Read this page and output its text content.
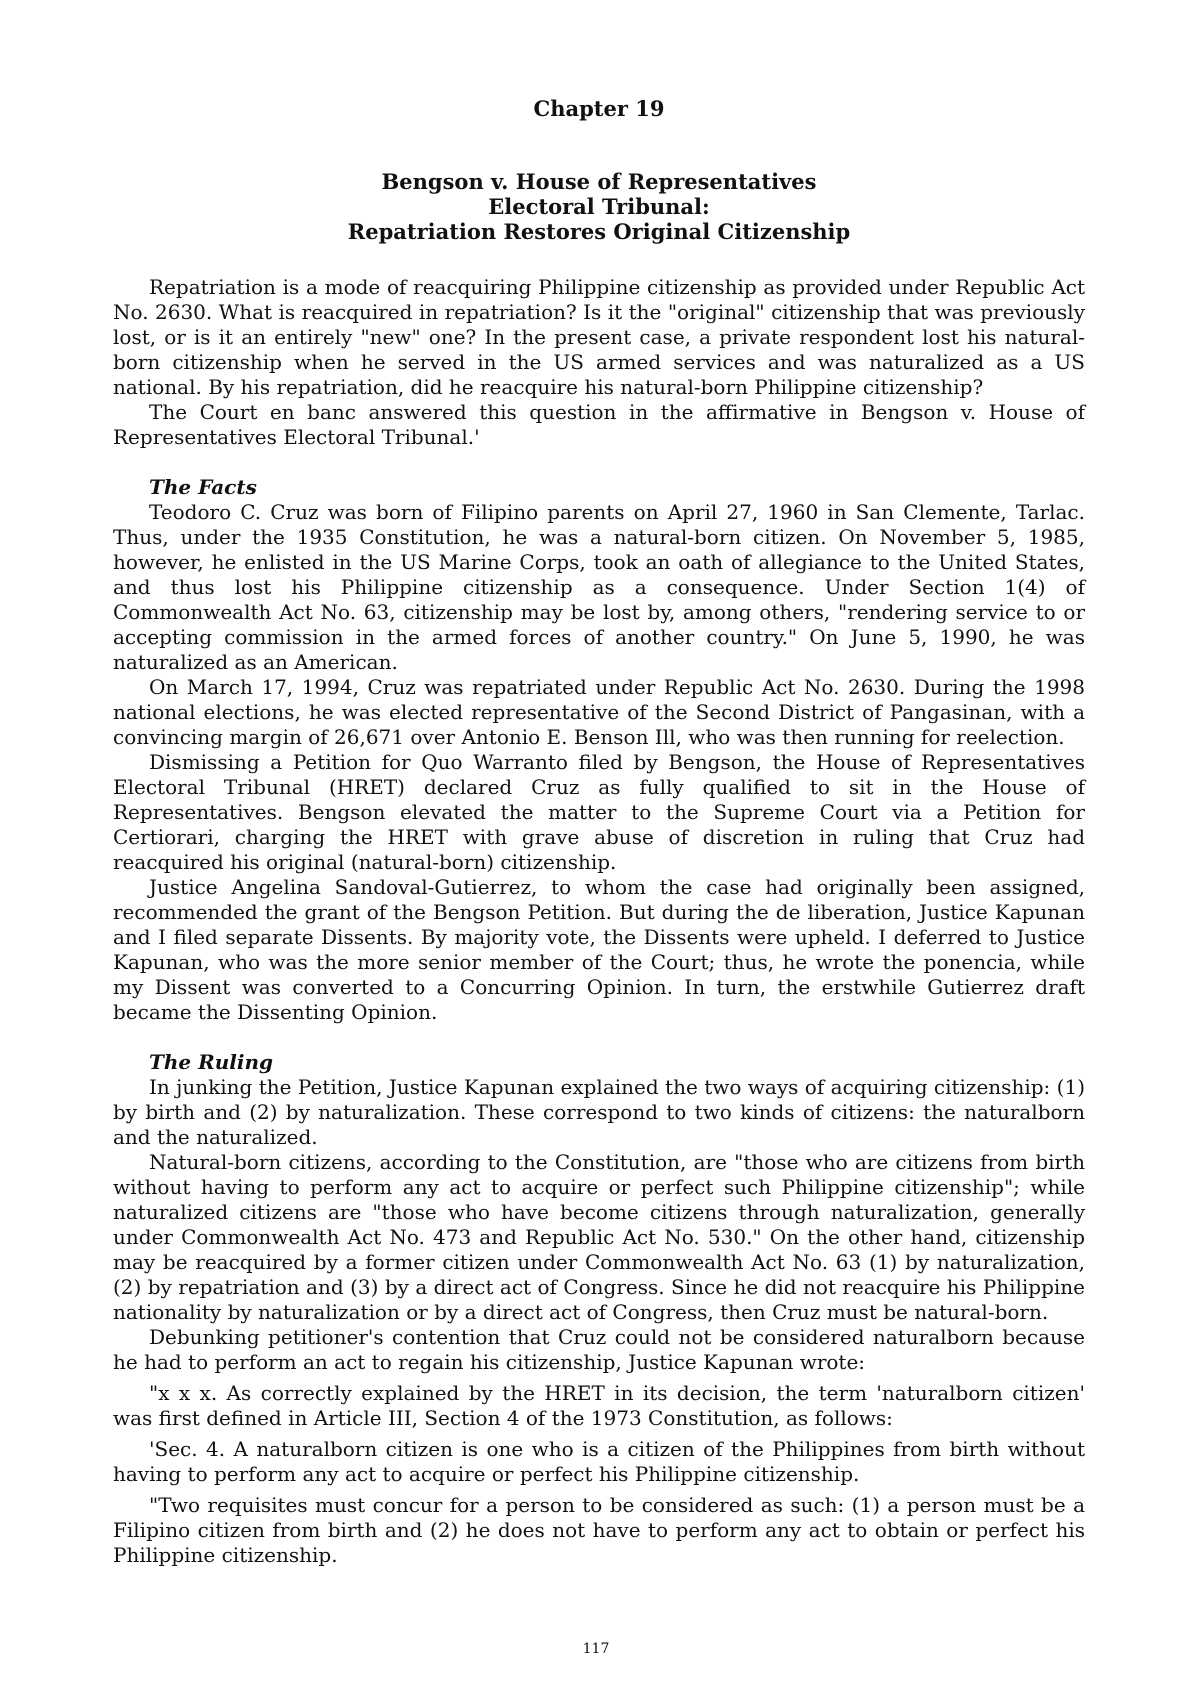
Chapter 19
Bengson v. House of Representatives
Electoral Tribunal:
Repatriation Restores Original Citizenship

Repatriation is a mode of reacquiring Philippine citizenship as provided under Republic Act No. 2630. What is reacquired in repatriation? Is it the "original" citizenship that was previously lost, or is it an entirely "new" one? In the present case, a private respondent lost his natural-born citizenship when he served in the US armed services and was naturalized as a US national. By his repatriation, did he reacquire his natural-born Philippine citizenship?

The Court en banc answered this question in the affirmative in Bengson v. House of Representatives Electoral Tribunal.'

The Facts

Teodoro C. Cruz was born of Filipino parents on April 27, 1960 in San Clemente, Tarlac. Thus, under the 1935 Constitution, he was a natural-born citizen. On November 5, 1985, however, he enlisted in the US Marine Corps, took an oath of allegiance to the United States, and thus lost his Philippine citizenship as a consequence. Under Section 1(4) of Commonwealth Act No. 63, citizenship may be lost by, among others, "rendering service to or accepting commission in the armed forces of another country." On June 5, 1990, he was naturalized as an American.

On March 17, 1994, Cruz was repatriated under Republic Act No. 2630. During the 1998 national elections, he was elected representative of the Second District of Pangasinan, with a convincing margin of 26,671 over Antonio E. Benson Ill, who was then running for reelection.

Dismissing a Petition for Quo Warranto filed by Bengson, the House of Representatives Electoral Tribunal (HRET) declared Cruz as fully qualified to sit in the House of Representatives. Bengson elevated the matter to the Supreme Court via a Petition for Certiorari, charging the HRET with grave abuse of discretion in ruling that Cruz had reacquired his original (natural-born) citizenship.

Justice Angelina Sandoval-Gutierrez, to whom the case had originally been assigned, recommended the grant of the Bengson Petition. But during the de liberation, Justice Kapunan and I filed separate Dissents. By majority vote, the Dissents were upheld. I deferred to Justice Kapunan, who was the more senior member of the Court; thus, he wrote the ponencia, while my Dissent was converted to a Concurring Opinion. In turn, the erstwhile Gutierrez draft became the Dissenting Opinion.

The Ruling

In junking the Petition, Justice Kapunan explained the two ways of acquiring citizenship: (1) by birth and (2) by naturalization. These correspond to two kinds of citizens: the naturalborn and the naturalized.

Natural-born citizens, according to the Constitution, are "those who are citizens from birth without having to perform any act to acquire or perfect such Philippine citizenship"; while naturalized citizens are "those who have become citizens through naturalization, generally under Commonwealth Act No. 473 and Republic Act No. 530." On the other hand, citizenship may be reacquired by a former citizen under Commonwealth Act No. 63 (1) by naturalization, (2) by repatriation and (3) by a direct act of Congress. Since he did not reacquire his Philippine nationality by naturalization or by a direct act of Congress, then Cruz must be natural-born.

Debunking petitioner's contention that Cruz could not be considered naturalborn because he had to perform an act to regain his citizenship, Justice Kapunan wrote:

"x x x. As correctly explained by the HRET in its decision, the term 'naturalborn citizen' was first defined in Article III, Section 4 of the 1973 Constitution, as follows:

'Sec. 4. A naturalborn citizen is one who is a citizen of the Philippines from birth without having to perform any act to acquire or perfect his Philippine citizenship.

"Two requisites must concur for a person to be considered as such: (1) a person must be a Filipino citizen from birth and (2) he does not have to perform any act to obtain or perfect his Philippine citizenship.

117
